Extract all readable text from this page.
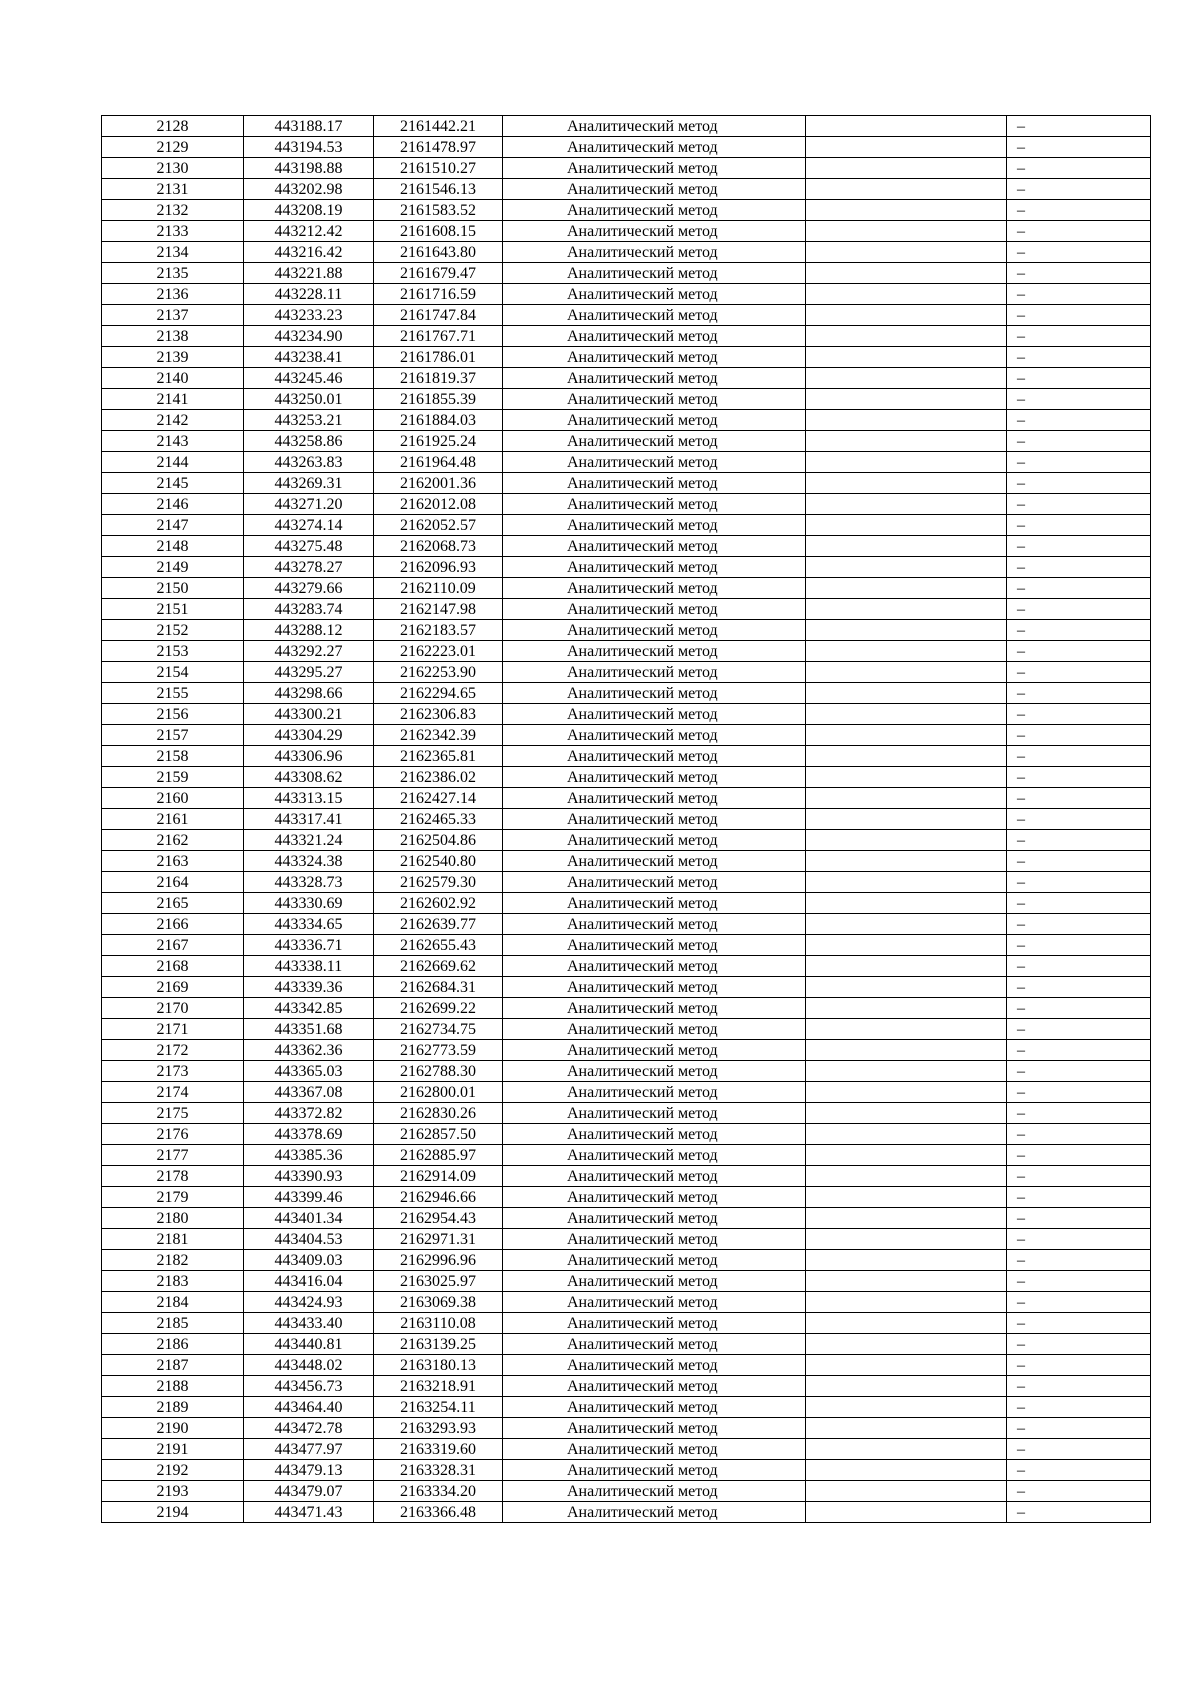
2128	443188.17	2161442.21	Аналитический метод		–
2129	443194.53	2161478.97	Аналитический метод		–
2130	443198.88	2161510.27	Аналитический метод		–
2131	443202.98	2161546.13	Аналитический метод		–
2132	443208.19	2161583.52	Аналитический метод		–
2133	443212.42	2161608.15	Аналитический метод		–
2134	443216.42	2161643.80	Аналитический метод		–
2135	443221.88	2161679.47	Аналитический метод		–
2136	443228.11	2161716.59	Аналитический метод		–
2137	443233.23	2161747.84	Аналитический метод		–
2138	443234.90	2161767.71	Аналитический метод		–
2139	443238.41	2161786.01	Аналитический метод		–
2140	443245.46	2161819.37	Аналитический метод		–
2141	443250.01	2161855.39	Аналитический метод		–
2142	443253.21	2161884.03	Аналитический метод		–
2143	443258.86	2161925.24	Аналитический метод		–
2144	443263.83	2161964.48	Аналитический метод		–
2145	443269.31	2162001.36	Аналитический метод		–
2146	443271.20	2162012.08	Аналитический метод		–
2147	443274.14	2162052.57	Аналитический метод		–
2148	443275.48	2162068.73	Аналитический метод		–
2149	443278.27	2162096.93	Аналитический метод		–
2150	443279.66	2162110.09	Аналитический метод		–
2151	443283.74	2162147.98	Аналитический метод		–
2152	443288.12	2162183.57	Аналитический метод		–
2153	443292.27	2162223.01	Аналитический метод		–
2154	443295.27	2162253.90	Аналитический метод		–
2155	443298.66	2162294.65	Аналитический метод		–
2156	443300.21	2162306.83	Аналитический метод		–
2157	443304.29	2162342.39	Аналитический метод		–
2158	443306.96	2162365.81	Аналитический метод		–
2159	443308.62	2162386.02	Аналитический метод		–
2160	443313.15	2162427.14	Аналитический метод		–
2161	443317.41	2162465.33	Аналитический метод		–
2162	443321.24	2162504.86	Аналитический метод		–
2163	443324.38	2162540.80	Аналитический метод		–
2164	443328.73	2162579.30	Аналитический метод		–
2165	443330.69	2162602.92	Аналитический метод		–
2166	443334.65	2162639.77	Аналитический метод		–
2167	443336.71	2162655.43	Аналитический метод		–
2168	443338.11	2162669.62	Аналитический метод		–
2169	443339.36	2162684.31	Аналитический метод		–
2170	443342.85	2162699.22	Аналитический метод		–
2171	443351.68	2162734.75	Аналитический метод		–
2172	443362.36	2162773.59	Аналитический метод		–
2173	443365.03	2162788.30	Аналитический метод		–
2174	443367.08	2162800.01	Аналитический метод		–
2175	443372.82	2162830.26	Аналитический метод		–
2176	443378.69	2162857.50	Аналитический метод		–
2177	443385.36	2162885.97	Аналитический метод		–
2178	443390.93	2162914.09	Аналитический метод		–
2179	443399.46	2162946.66	Аналитический метод		–
2180	443401.34	2162954.43	Аналитический метод		–
2181	443404.53	2162971.31	Аналитический метод		–
2182	443409.03	2162996.96	Аналитический метод		–
2183	443416.04	2163025.97	Аналитический метод		–
2184	443424.93	2163069.38	Аналитический метод		–
2185	443433.40	2163110.08	Аналитический метод		–
2186	443440.81	2163139.25	Аналитический метод		–
2187	443448.02	2163180.13	Аналитический метод		–
2188	443456.73	2163218.91	Аналитический метод		–
2189	443464.40	2163254.11	Аналитический метод		–
2190	443472.78	2163293.93	Аналитический метод		–
2191	443477.97	2163319.60	Аналитический метод		–
2192	443479.13	2163328.31	Аналитический метод		–
2193	443479.07	2163334.20	Аналитический метод		–
2194	443471.43	2163366.48	Аналитический метод		–
